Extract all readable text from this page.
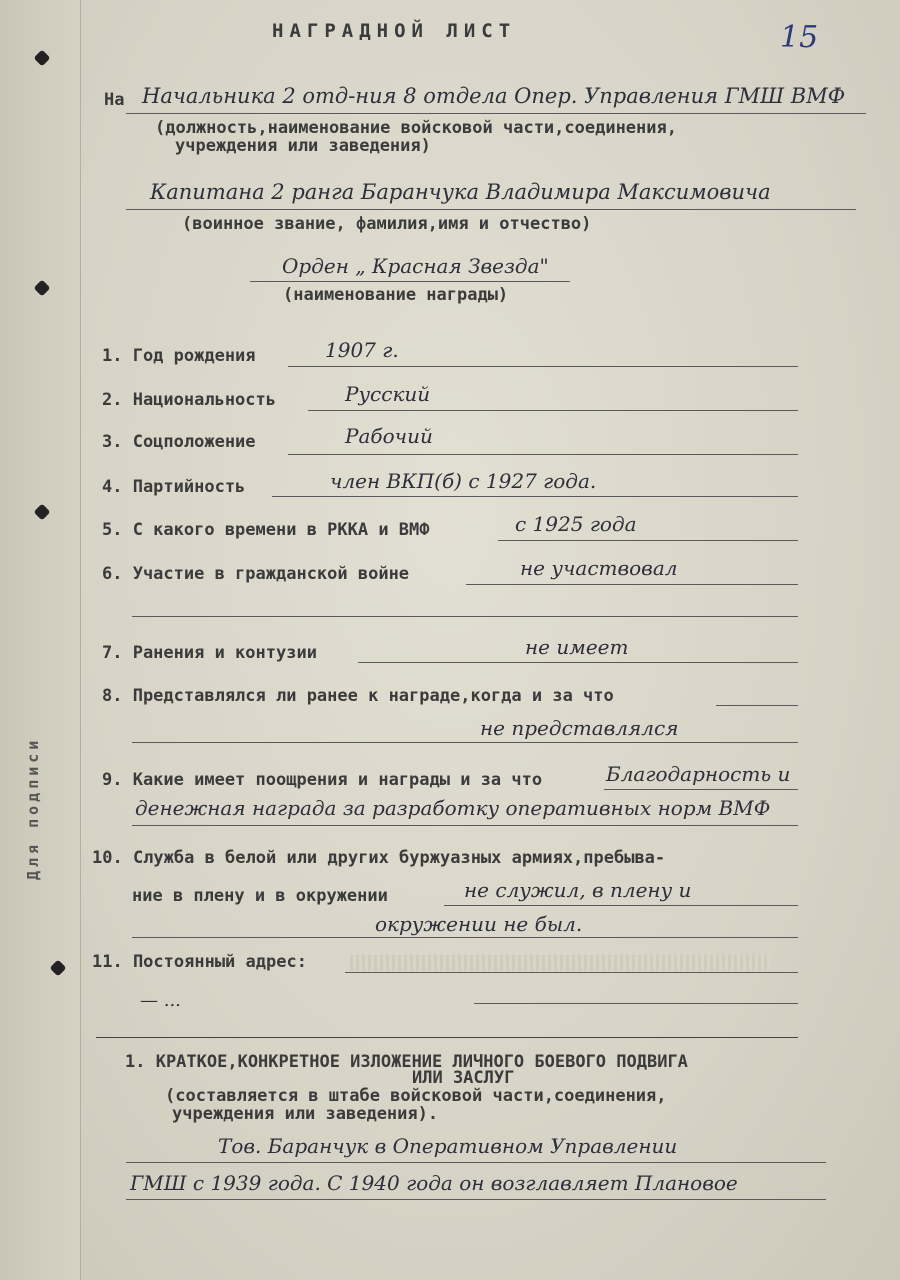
Для подписи
НАГРАДНОЙ ЛИСТ	15
На Начальника 2 отд-ния 8 отдела Опер. Управления ГМШ ВМФ
(должность,наименование войсковой части,соединения,
учреждения или заведения)
Капитана 2 ранга Баранчука Владимира Максимовича
(воинное звание, фамилия,имя и отчество)
Орден „ Красная Звезда"
(наименование награды)
1. Год рождения	1907 г.
2. Национальность	Русский
3. Соцположение	Рабочий
4. Партийность	член ВКП(б) с 1927 года.
5. С какого времени в РККА и ВМФ	с 1925 года
6. Участие в гражданской войне	не участвовал
7. Ранения и контузии	не имеет
8. Представлялся ли ранее к награде,когда и за что
не представлялся
9. Какие имеет поощрения и награды и за что	Благодарность и
денежная награда за разработку оперативных норм ВМФ
10. Служба в белой или других буржуазных армиях,пребыва-
ние в плену и в окружении	не служил, в плену и
окружении не был.
11. Постоянный адрес:
— ...
1. КРАТКОЕ,КОНКРЕТНОЕ ИЗЛОЖЕНИЕ ЛИЧНОГО БОЕВОГО ПОДВИГА
ИЛИ ЗАСЛУГ
(составляется в штабе войсковой части,соединения,
учреждения или заведения).
Тов. Баранчук в Оперативном Управлении
ГМШ с 1939 года. С 1940 года он возглавляет Плановое
